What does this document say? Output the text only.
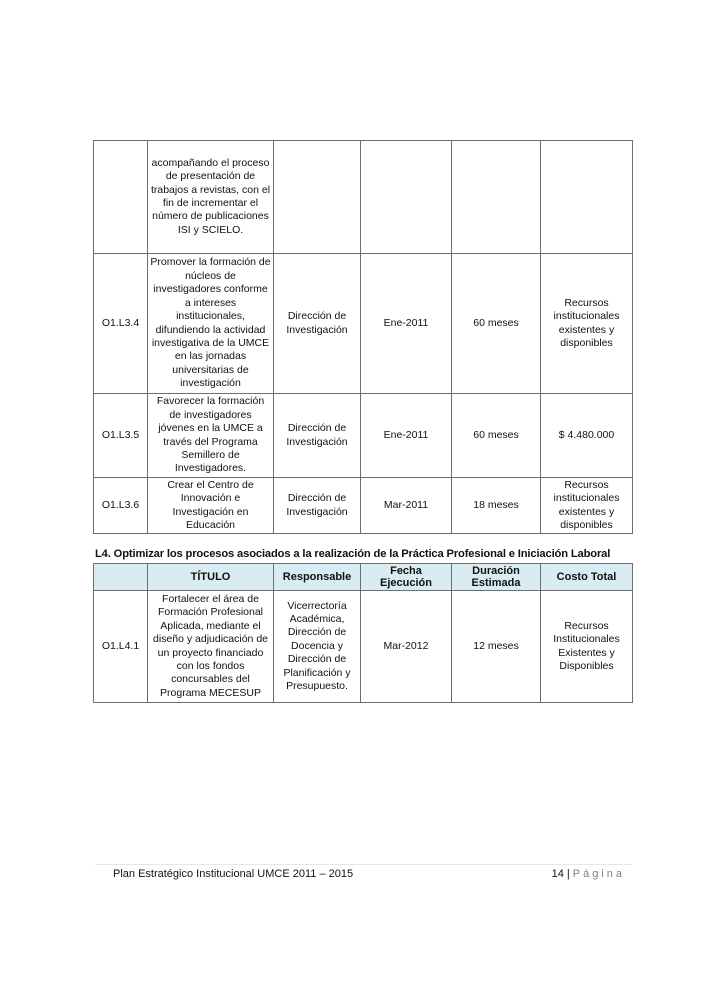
	acompañando el proceso de presentación de trabajos a revistas, con el fin de incrementar el número de publicaciones ISI y SCIELO.				
O1.L3.4	Promover la formación de núcleos de investigadores conforme a intereses institucionales, difundiendo la actividad investigativa de la UMCE en las jornadas universitarias de investigación	Dirección de Investigación	Ene-2011	60 meses	Recursos institucionales existentes y disponibles
O1.L3.5	Favorecer la formación de investigadores jóvenes en la UMCE a través del Programa Semillero de Investigadores.	Dirección de Investigación	Ene-2011	60 meses	$ 4.480.000
O1.L3.6	Crear el Centro de Innovación e Investigación en Educación	Dirección de Investigación	Mar-2011	18 meses	Recursos institucionales existentes y disponibles
L4. Optimizar los procesos asociados a la realización de la Práctica Profesional e Iniciación Laboral
	TÍTULO	Responsable	Fecha Ejecución	Duración Estimada	Costo Total
O1.L4.1	Fortalecer el área de Formación Profesional Aplicada, mediante el diseño y adjudicación de un proyecto financiado con los fondos concursables del Programa MECESUP	Vicerrectoría Académica, Dirección de Docencia y Dirección de Planificación y Presupuesto.	Mar-2012	12 meses	Recursos Institucionales Existentes y Disponibles
Plan Estratégico Institucional UMCE 2011 – 2015	14 | Página
